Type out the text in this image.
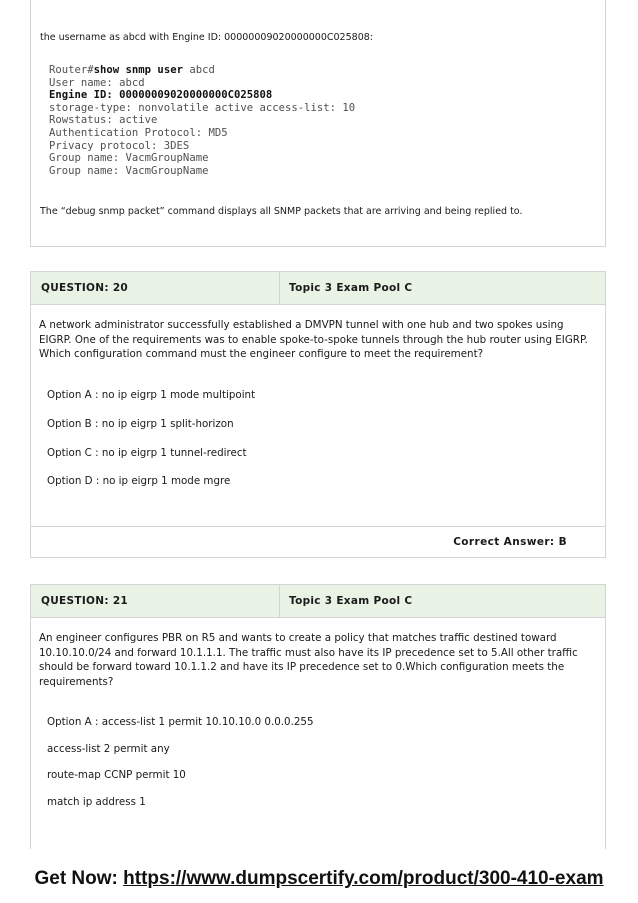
the username as abcd with Engine ID: 00000009020000000C025808:

Router#show snmp user abcd
User name: abcd
Engine ID: 00000009020000000C025808
storage-type: nonvolatile active access-list: 10
Rowstatus: active
Authentication Protocol: MD5
Privacy protocol: 3DES
Group name: VacmGroupName
Group name: VacmGroupName

The “debug snmp packet” command displays all SNMP packets that are arriving and being replied to.

QUESTION: 20	Topic 3 Exam Pool C

A network administrator successfully established a DMVPN tunnel with one hub and two spokes using EIGRP. One of the requirements was to enable spoke-to-spoke tunnels through the hub router using EIGRP. Which configuration command must the engineer configure to meet the requirement?

Option A : no ip eigrp 1 mode multipoint

Option B : no ip eigrp 1 split-horizon

Option C : no ip eigrp 1 tunnel-redirect

Option D : no ip eigrp 1 mode mgre

Correct Answer: B
QUESTION: 21	Topic 3 Exam Pool C

An engineer configures PBR on R5 and wants to create a policy that matches traffic destined toward 10.10.10.0/24 and forward 10.1.1.1. The traffic must also have its IP precedence set to 5.All other traffic should be forward toward 10.1.1.2 and have its IP precedence set to 0.Which configuration meets the requirements?

Option A : access-list 1 permit 10.10.10.0 0.0.0.255

access-list 2 permit any

route-map CCNP permit 10

match ip address 1

Get Now: https://www.dumpscertify.com/product/300-410-exam
